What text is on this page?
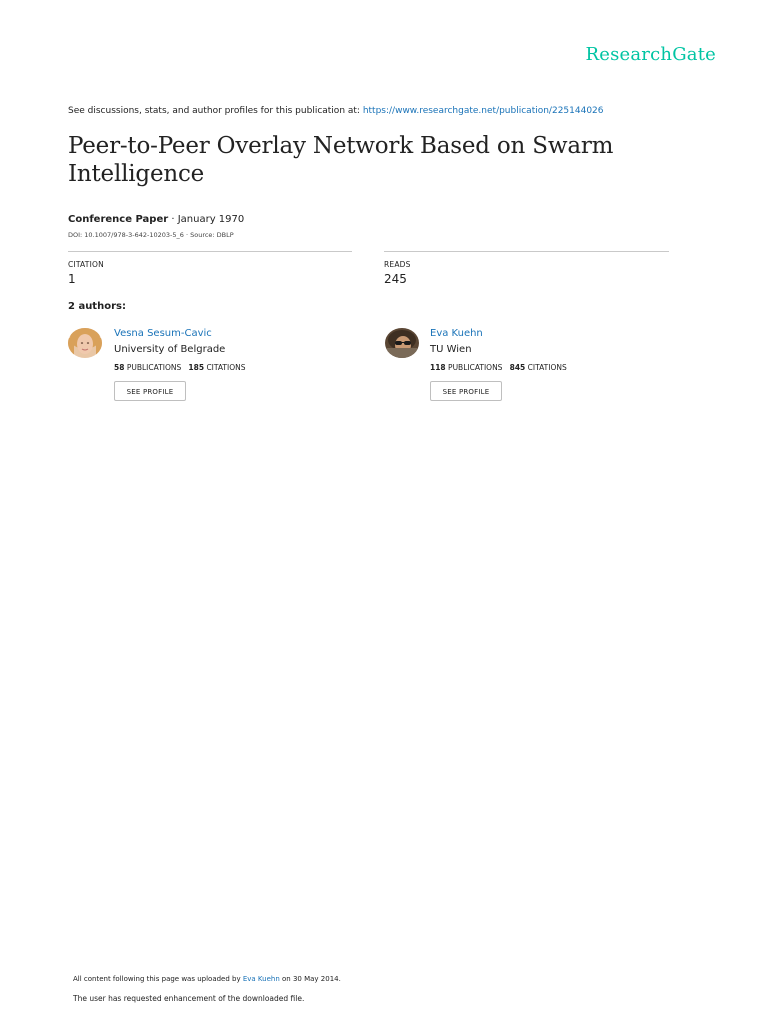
ResearchGate
See discussions, stats, and author profiles for this publication at: https://www.researchgate.net/publication/225144026
Peer-to-Peer Overlay Network Based on Swarm Intelligence
Conference Paper · January 1970
DOI: 10.1007/978-3-642-10203-5_6 · Source: DBLP
CITATION
1
READS
245
2 authors:
Vesna Sesum-Cavic
University of Belgrade
58 PUBLICATIONS 185 CITATIONS
SEE PROFILE
Eva Kuehn
TU Wien
118 PUBLICATIONS 845 CITATIONS
SEE PROFILE
All content following this page was uploaded by Eva Kuehn on 30 May 2014.
The user has requested enhancement of the downloaded file.
